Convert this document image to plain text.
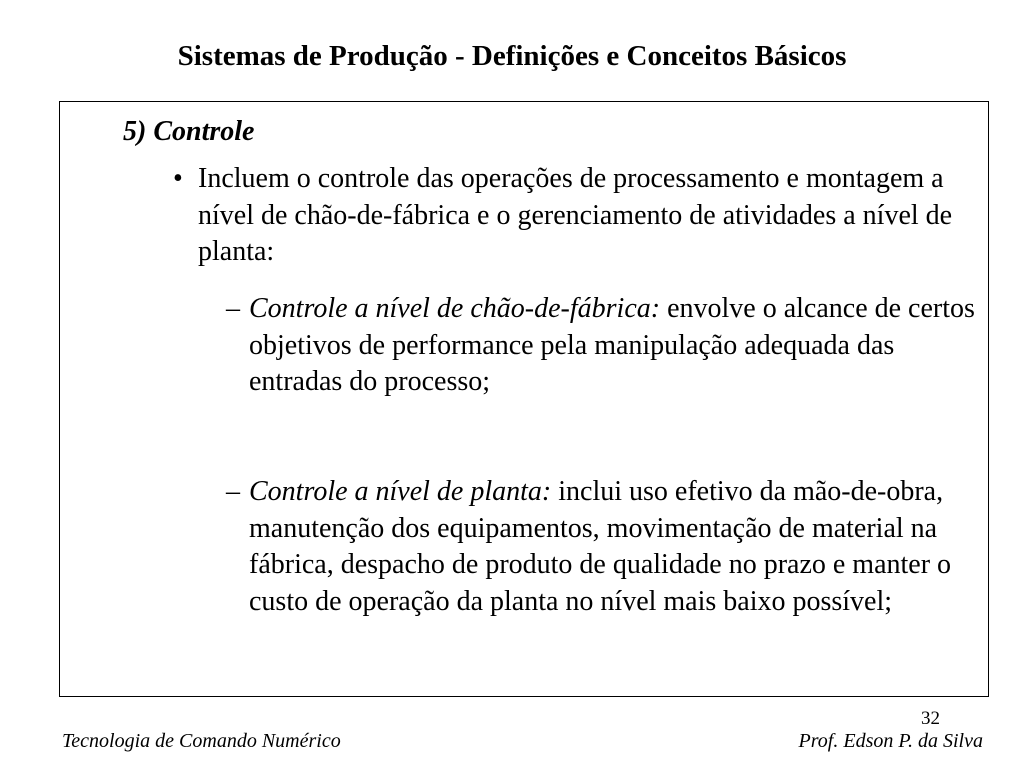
Sistemas de Produção - Definições e Conceitos Básicos
5) Controle
• Incluem o controle das operações de processamento e montagem a nível de chão-de-fábrica e o gerenciamento de atividades a nível de planta:
– Controle a nível de chão-de-fábrica: envolve o alcance de certos objetivos de performance pela manipulação adequada das entradas do processo;
– Controle a nível de planta: inclui uso efetivo da mão-de-obra, manutenção dos equipamentos, movimentação de material na fábrica, despacho de produto de qualidade no prazo e manter o custo de operação da planta no nível mais baixo possível;
32
Tecnologia de Comando Numérico	Prof. Edson P. da Silva
